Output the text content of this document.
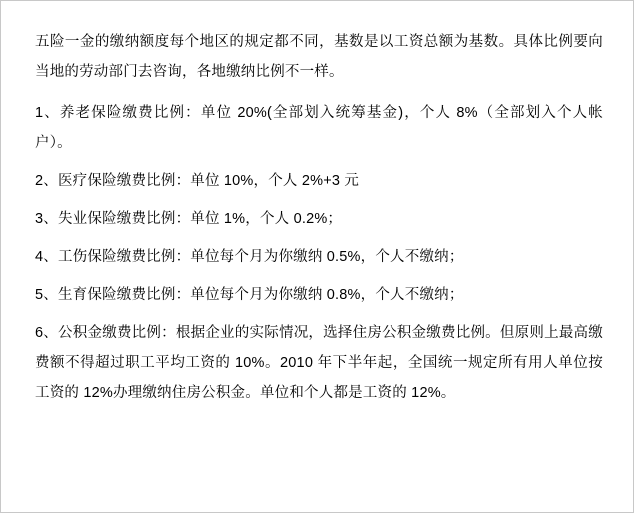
五险一金的缴纳额度每个地区的规定都不同，基数是以工资总额为基数。具体比例要向当地的劳动部门去咨询，各地缴纳比例不一样。

1、养老保险缴费比例：单位 20%(全部划入统筹基金)，个人 8%（全部划入个人帐户）。

2、医疗保险缴费比例：单位 10%，个人 2%+3 元

3、失业保险缴费比例：单位 1%，个人 0.2%；

4、工伤保险缴费比例：单位每个月为你缴纳 0.5%，个人不缴纳；

5、生育保险缴费比例：单位每个月为你缴纳 0.8%，个人不缴纳；

6、公积金缴费比例：根据企业的实际情况，选择住房公积金缴费比例。但原则上最高缴费额不得超过职工平均工资的 10%。2010 年下半年起，全国统一规定所有用人单位按工资的 12%办理缴纳住房公积金。单位和个人都是工资的 12%。
